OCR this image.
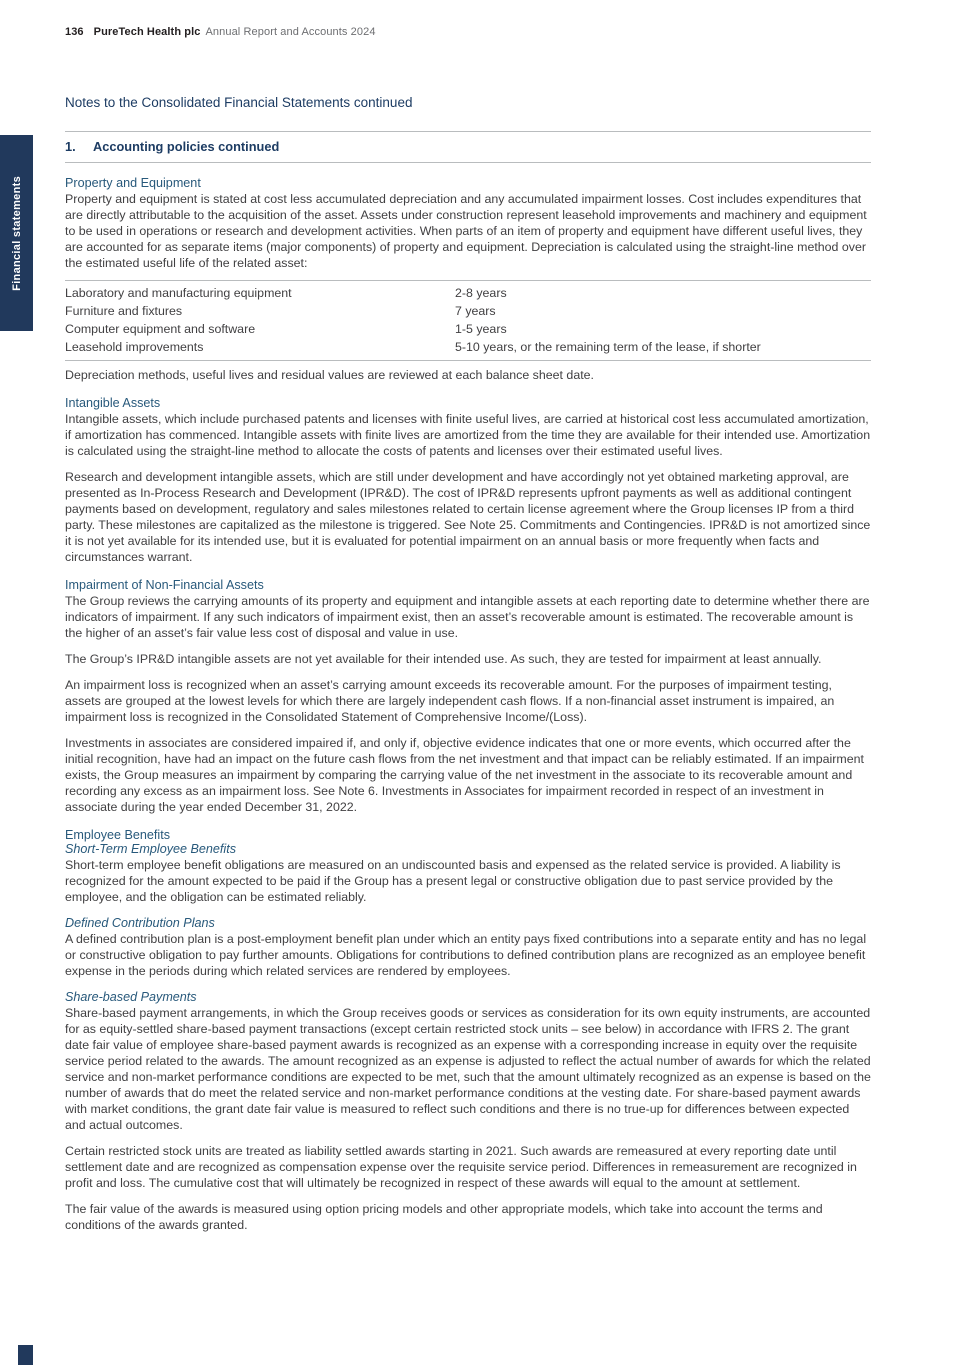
136 PureTech Health plc Annual Report and Accounts 2024
Financial statements
Notes to the Consolidated Financial Statements continued
1.	Accounting policies continued
Property and Equipment

Property and equipment is stated at cost less accumulated depreciation and any accumulated impairment losses. Cost includes expenditures that are directly attributable to the acquisition of the asset. Assets under construction represent leasehold improvements and machinery and equipment to be used in operations or research and development activities. When parts of an item of property and equipment have different useful lives, they are accounted for as separate items (major components) of property and equipment. Depreciation is calculated using the straight-line method over the estimated useful life of the related asset:

Laboratory and manufacturing equipment	2-8 years
Furniture and fixtures	7 years
Computer equipment and software	1-5 years
Leasehold improvements	5-10 years, or the remaining term of the lease, if shorter

Depreciation methods, useful lives and residual values are reviewed at each balance sheet date.

Intangible Assets

Intangible assets, which include purchased patents and licenses with finite useful lives, are carried at historical cost less accumulated amortization, if amortization has commenced. Intangible assets with finite lives are amortized from the time they are available for their intended use. Amortization is calculated using the straight-line method to allocate the costs of patents and licenses over their estimated useful lives.

Research and development intangible assets, which are still under development and have accordingly not yet obtained marketing approval, are presented as In-Process Research and Development (IPR&D). The cost of IPR&D represents upfront payments as well as additional contingent payments based on development, regulatory and sales milestones related to certain license agreement where the Group licenses IP from a third party. These milestones are capitalized as the milestone is triggered. See Note 25. Commitments and Contingencies. IPR&D is not amortized since it is not yet available for its intended use, but it is evaluated for potential impairment on an annual basis or more frequently when facts and circumstances warrant.

Impairment of Non-Financial Assets

The Group reviews the carrying amounts of its property and equipment and intangible assets at each reporting date to determine whether there are indicators of impairment. If any such indicators of impairment exist, then an asset’s recoverable amount is estimated. The recoverable amount is the higher of an asset’s fair value less cost of disposal and value in use.

The Group’s IPR&D intangible assets are not yet available for their intended use. As such, they are tested for impairment at least annually.

An impairment loss is recognized when an asset’s carrying amount exceeds its recoverable amount. For the purposes of impairment testing, assets are grouped at the lowest levels for which there are largely independent cash flows. If a non-financial asset instrument is impaired, an impairment loss is recognized in the Consolidated Statement of Comprehensive Income/(Loss).

Investments in associates are considered impaired if, and only if, objective evidence indicates that one or more events, which occurred after the initial recognition, have had an impact on the future cash flows from the net investment and that impact can be reliably estimated. If an impairment exists, the Group measures an impairment by comparing the carrying value of the net investment in the associate to its recoverable amount and recording any excess as an impairment loss. See Note 6. Investments in Associates for impairment recorded in respect of an investment in associate during the year ended December 31, 2022.

Employee Benefits
Short-Term Employee Benefits

Short-term employee benefit obligations are measured on an undiscounted basis and expensed as the related service is provided. A liability is recognized for the amount expected to be paid if the Group has a present legal or constructive obligation due to past service provided by the employee, and the obligation can be estimated reliably.

Defined Contribution Plans

A defined contribution plan is a post-employment benefit plan under which an entity pays fixed contributions into a separate entity and has no legal or constructive obligation to pay further amounts. Obligations for contributions to defined contribution plans are recognized as an employee benefit expense in the periods during which related services are rendered by employees.

Share-based Payments

Share-based payment arrangements, in which the Group receives goods or services as consideration for its own equity instruments, are accounted for as equity-settled share-based payment transactions (except certain restricted stock units – see below) in accordance with IFRS 2. The grant date fair value of employee share-based payment awards is recognized as an expense with a corresponding increase in equity over the requisite service period related to the awards. The amount recognized as an expense is adjusted to reflect the actual number of awards for which the related service and non-market performance conditions are expected to be met, such that the amount ultimately recognized as an expense is based on the number of awards that do meet the related service and non-market performance conditions at the vesting date. For share-based payment awards with market conditions, the grant date fair value is measured to reflect such conditions and there is no true-up for differences between expected and actual outcomes.

Certain restricted stock units are treated as liability settled awards starting in 2021. Such awards are remeasured at every reporting date until settlement date and are recognized as compensation expense over the requisite service period. Differences in remeasurement are recognized in profit and loss. The cumulative cost that will ultimately be recognized in respect of these awards will equal to the amount at settlement.

The fair value of the awards is measured using option pricing models and other appropriate models, which take into account the terms and conditions of the awards granted.
